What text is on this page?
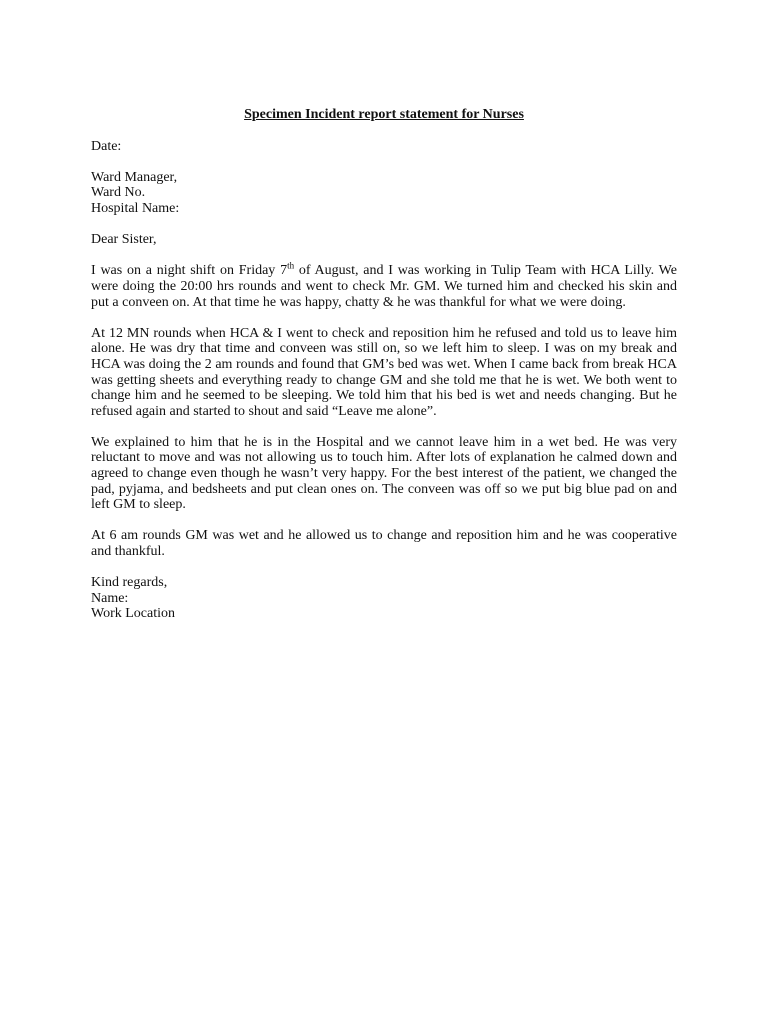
Specimen Incident report statement for Nurses

Date:

Ward Manager,
Ward No.
Hospital Name:

Dear Sister,

I was on a night shift on Friday 7th of August, and I was working in Tulip Team with HCA Lilly. We were doing the 20:00 hrs rounds and went to check Mr. GM. We turned him and checked his skin and put a conveen on. At that time he was happy, chatty & he was thankful for what we were doing.

At 12 MN rounds when HCA & I went to check and reposition him he refused and told us to leave him alone. He was dry that time and conveen was still on, so we left him to sleep. I was on my break and HCA was doing the 2 am rounds and found that GM’s bed was wet. When I came back from break HCA was getting sheets and everything ready to change GM and she told me that he is wet. We both went to change him and he seemed to be sleeping. We told him that his bed is wet and needs changing. But he refused again and started to shout and said “Leave me alone”.

We explained to him that he is in the Hospital and we cannot leave him in a wet bed. He was very reluctant to move and was not allowing us to touch him. After lots of explanation he calmed down and agreed to change even though he wasn’t very happy. For the best interest of the patient, we changed the pad, pyjama, and bedsheets and put clean ones on. The conveen was off so we put big blue pad on and left GM to sleep.

At 6 am rounds GM was wet and he allowed us to change and reposition him and he was cooperative and thankful.

Kind regards,
Name:
Work Location
